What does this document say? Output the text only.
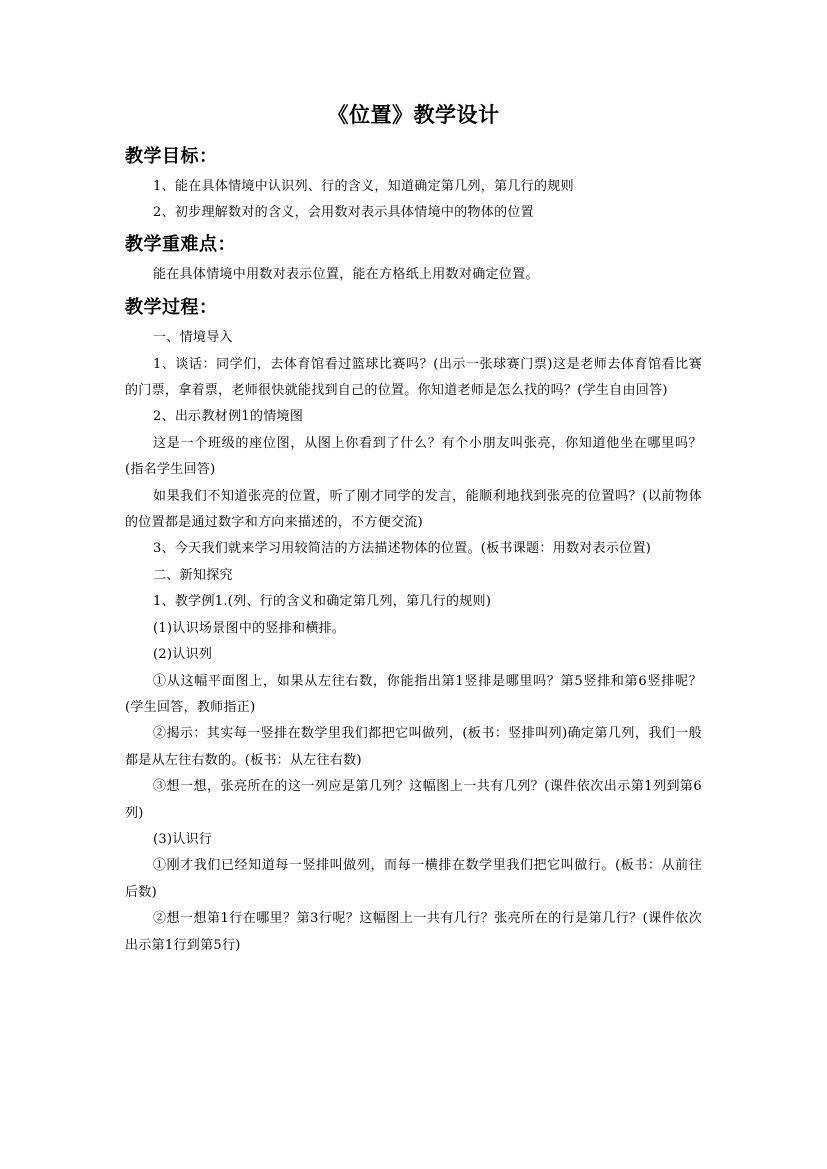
《位置》教学设计

教学目标：

1、能在具体情境中认识列、行的含义，知道确定第几列，第几行的规则

2、初步理解数对的含义，会用数对表示具体情境中的物体的位置

教学重难点：

能在具体情境中用数对表示位置，能在方格纸上用数对确定位置。

教学过程：

一、情境导入

1、谈话：同学们，去体育馆看过篮球比赛吗？(出示一张球赛门票)这是老师去体育馆看比赛的门票，拿着票，老师很快就能找到自己的位置。你知道老师是怎么找的吗？(学生自由回答)

2、出示教材例1的情境图

这是一个班级的座位图，从图上你看到了什么？有个小朋友叫张亮，你知道他坐在哪里吗？(指名学生回答)

如果我们不知道张亮的位置，听了刚才同学的发言，能顺利地找到张亮的位置吗？(以前物体的位置都是通过数字和方向来描述的，不方便交流)

3、今天我们就来学习用较简洁的方法描述物体的位置。(板书课题：用数对表示位置)

二、新知探究

1、教学例1.(列、行的含义和确定第几列，第几行的规则)

(1)认识场景图中的竖排和横排。

(2)认识列

①从这幅平面图上，如果从左往右数，你能指出第1竖排是哪里吗？第5竖排和第6竖排呢？(学生回答，教师指正)

②揭示：其实每一竖排在数学里我们都把它叫做列，(板书：竖排叫列)确定第几列，我们一般都是从左往右数的。(板书：从左往右数)

③想一想，张亮所在的这一列应是第几列？这幅图上一共有几列？(课件依次出示第1列到第6列)

(3)认识行

①刚才我们已经知道每一竖排叫做列，而每一横排在数学里我们把它叫做行。(板书：从前往后数)

②想一想第1行在哪里？第3行呢？这幅图上一共有几行？张亮所在的行是第几行？(课件依次出示第1行到第5行)
